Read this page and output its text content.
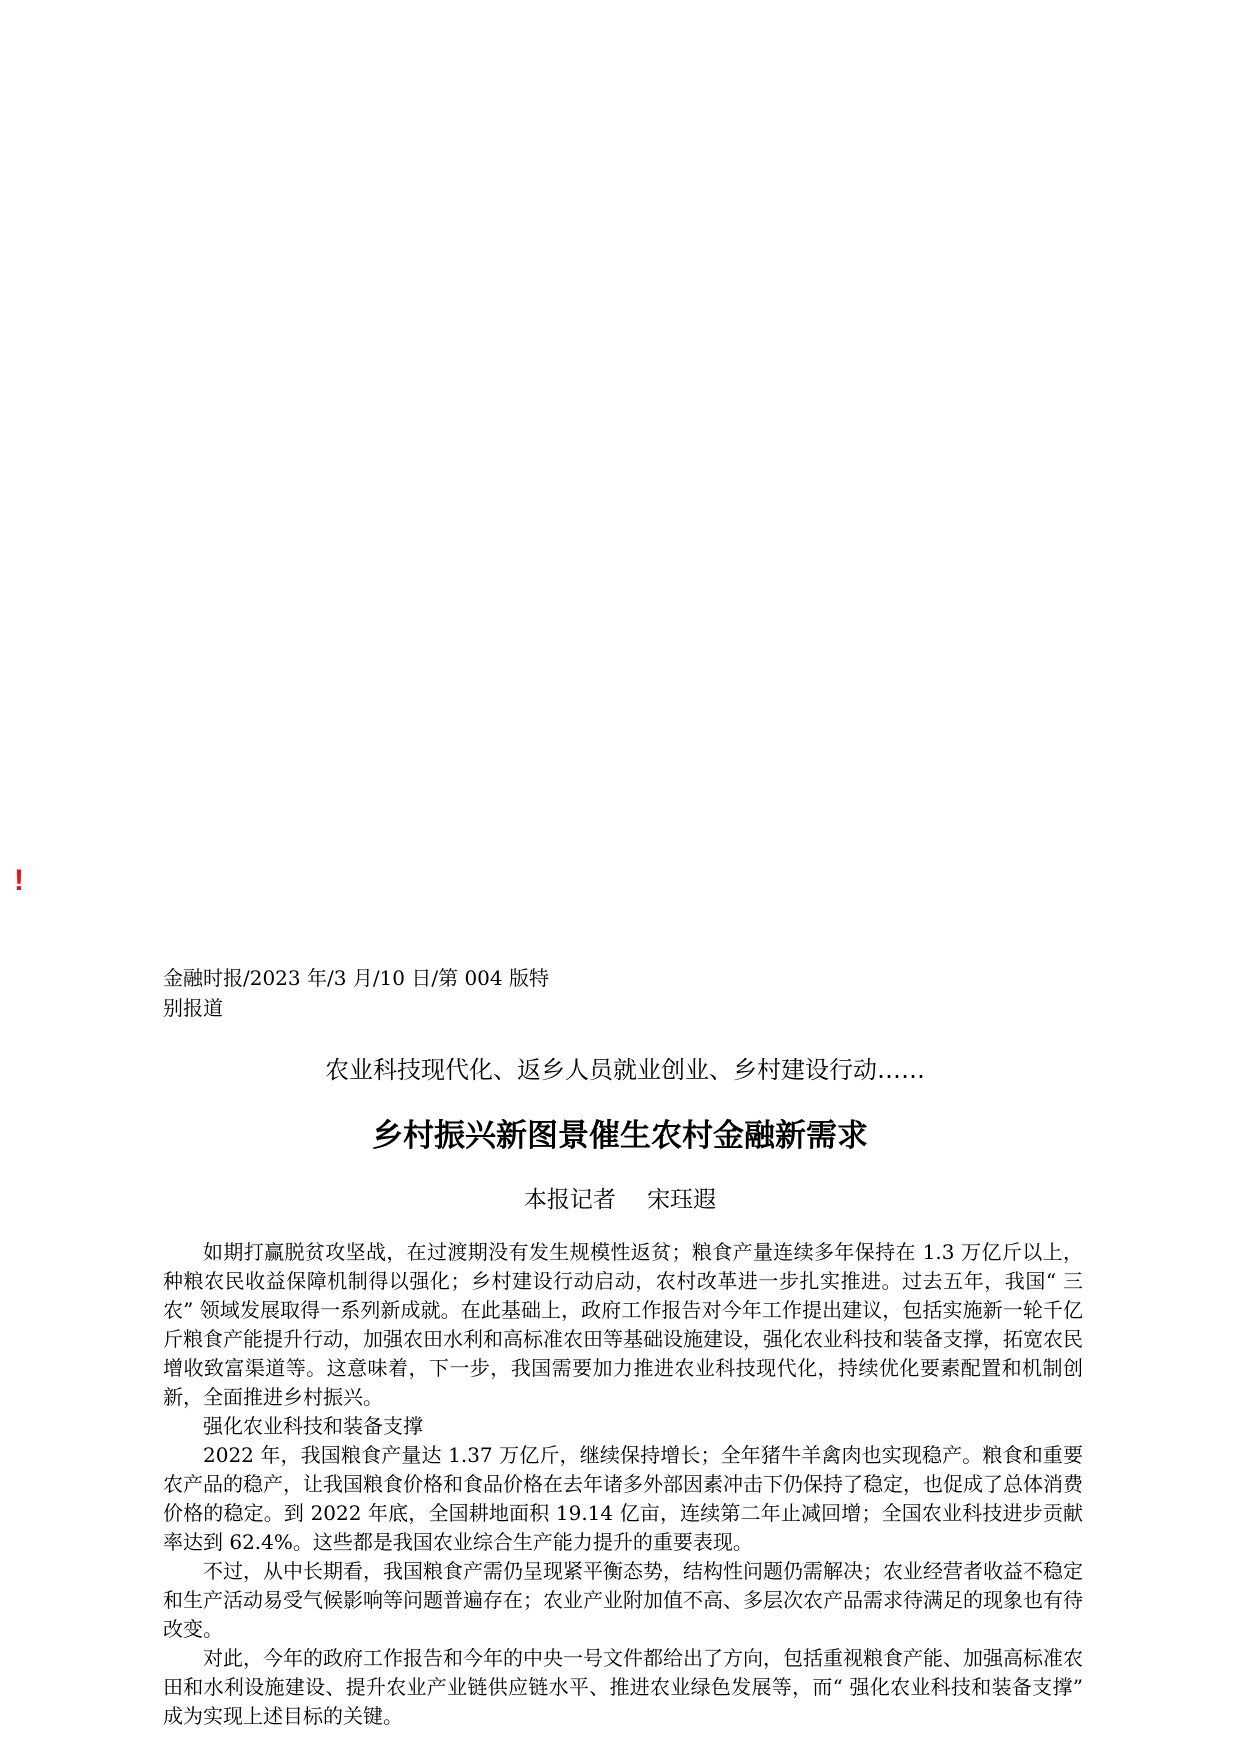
!
金融时报/2023 年/3 月/10 日/第 004 版特别报道
农业科技现代化、返乡人员就业创业、乡村建设行动……
乡村振兴新图景催生农村金融新需求
本报记者 宋珏遐

如期打赢脱贫攻坚战，在过渡期没有发生规模性返贫；粮食产量连续多年保持在 1.3 万亿斤以上，种粮农民收益保障机制得以强化；乡村建设行动启动，农村改革进一步扎实推进。过去五年，我国“ 三农” 领域发展取得一系列新成就。在此基础上，政府工作报告对今年工作提出建议，包括实施新一轮千亿斤粮食产能提升行动，加强农田水利和高标准农田等基础设施建设，强化农业科技和装备支撑，拓宽农民增收致富渠道等。这意味着，下一步，我国需要加力推进农业科技现代化，持续优化要素配置和机制创新，全面推进乡村振兴。

强化农业科技和装备支撑

2022 年，我国粮食产量达 1.37 万亿斤，继续保持增长；全年猪牛羊禽肉也实现稳产。粮食和重要农产品的稳产，让我国粮食价格和食品价格在去年诸多外部因素冲击下仍保持了稳定，也促成了总体消费价格的稳定。到 2022 年底，全国耕地面积 19.14 亿亩，连续第二年止减回增；全国农业科技进步贡献率达到 62.4%。这些都是我国农业综合生产能力提升的重要表现。

不过，从中长期看，我国粮食产需仍呈现紧平衡态势，结构性问题仍需解决；农业经营者收益不稳定和生产活动易受气候影响等问题普遍存在；农业产业附加值不高、多层次农产品需求待满足的现象也有待改变。

对此，今年的政府工作报告和今年的中央一号文件都给出了方向，包括重视粮食产能、加强高标准农田和水利设施建设、提升农业产业链供应链水平、推进农业绿色发展等，而“ 强化农业科技和装备支撑” 成为实现上述目标的关键。
